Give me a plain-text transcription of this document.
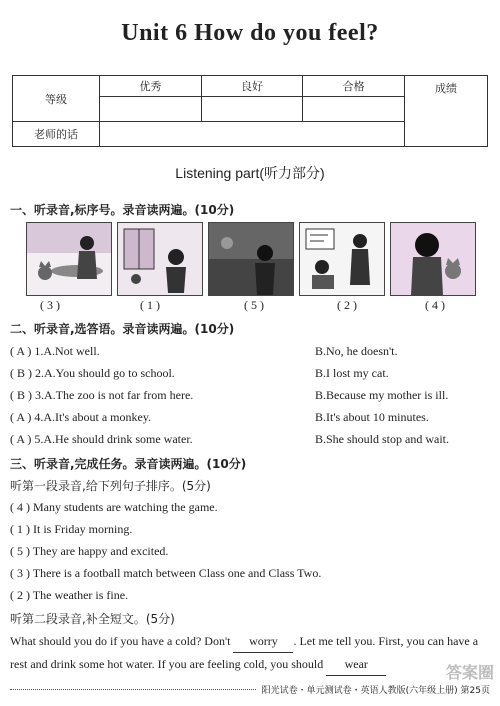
Unit 6 How do you feel?
等级	优秀	良好	合格	成绩

老师的话				
Listening part(听力部分)
一、听录音,标序号。录音读两遍。(10分)
( 3 )	( 1 )	( 5 )	( 2 )	( 4 )
二、听录音,选答语。录音读两遍。(10分)
( A ) 1.A.Not well.	B.No, he doesn't.
( B ) 2.A.You should go to school.	B.I lost my cat.
( B ) 3.A.The zoo is not far from here.	B.Because my mother is ill.
( A ) 4.A.It's about a monkey.	B.It's about 10 minutes.
( A ) 5.A.He should drink some water.	B.She should stop and wait.
三、听录音,完成任务。录音读两遍。(10分)
听第一段录音,给下列句子排序。(5分)
( 4 ) Many students are watching the game.
( 1 ) It is Friday morning.
( 5 ) They are happy and excited.
( 3 ) There is a football match between Class one and Class Two.
( 2 ) The weather is fine.
听第二段录音,补全短文。(5分)
What should you do if you have a cold? Don't worry . Let me tell you. First, you can have a rest and drink some hot water. If you are feeling cold, you should wear
阳光试卷・单元测试卷・英语人教版(六年级上册) 第25页
答案圈
